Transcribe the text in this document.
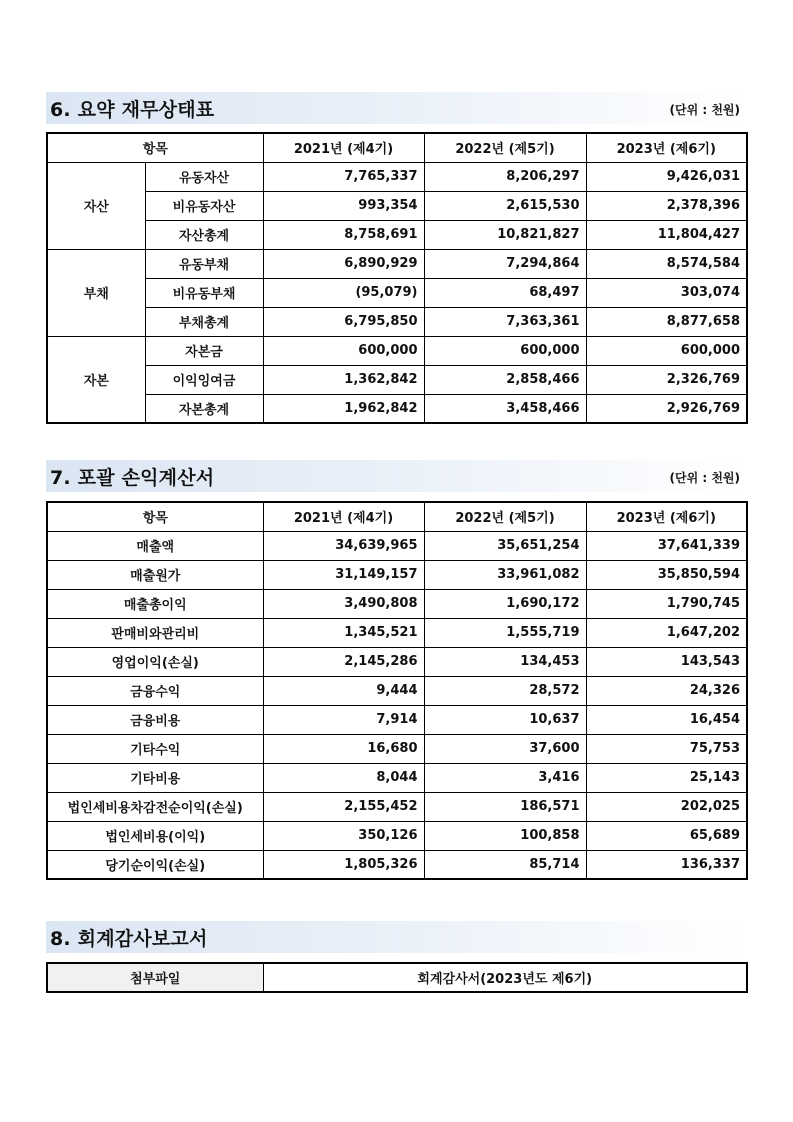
6. 요약 재무상태표	(단위 : 천원)
항목		2021년 (제4기)	2022년 (제5기)	2023년 (제6기)
자산	유동자산	7,765,337	8,206,297	9,426,031
	비유동자산	993,354	2,615,530	2,378,396
	자산총계	8,758,691	10,821,827	11,804,427
부채	유동부채	6,890,929	7,294,864	8,574,584
	비유동부채	(95,079)	68,497	303,074
	부채총계	6,795,850	7,363,361	8,877,658
자본	자본금	600,000	600,000	600,000
	이익잉여금	1,362,842	2,858,466	2,326,769
	자본총계	1,962,842	3,458,466	2,926,769
7. 포괄 손익계산서	(단위 : 천원)
항목	2021년 (제4기)	2022년 (제5기)	2023년 (제6기)
매출액	34,639,965	35,651,254	37,641,339
매출원가	31,149,157	33,961,082	35,850,594
매출총이익	3,490,808	1,690,172	1,790,745
판매비와관리비	1,345,521	1,555,719	1,647,202
영업이익(손실)	2,145,286	134,453	143,543
금융수익	9,444	28,572	24,326
금융비용	7,914	10,637	16,454
기타수익	16,680	37,600	75,753
기타비용	8,044	3,416	25,143
법인세비용차감전순이익(손실)	2,155,452	186,571	202,025
법인세비용(이익)	350,126	100,858	65,689
당기순이익(손실)	1,805,326	85,714	136,337
8. 회계감사보고서
첨부파일	회계감사서(2023년도 제6기)
